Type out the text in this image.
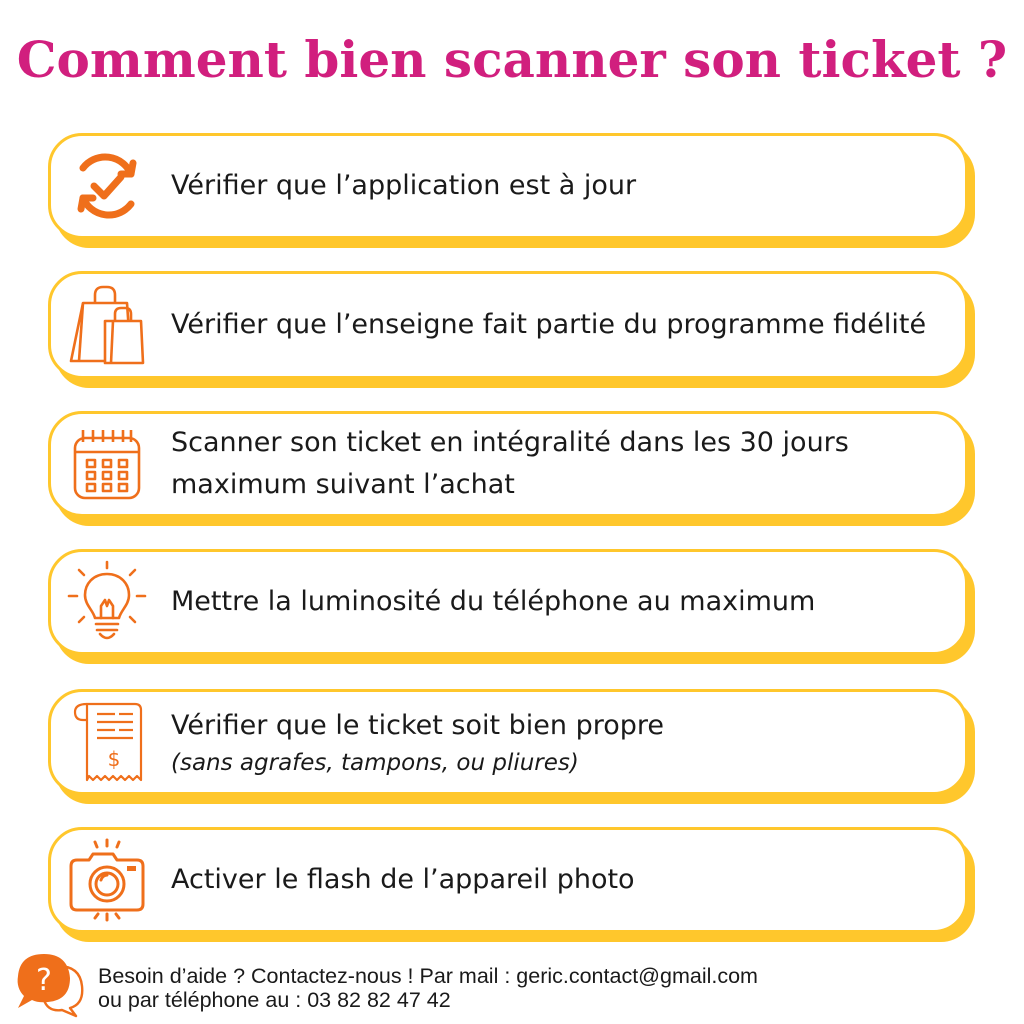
Comment bien scanner son ticket ?
Vérifier que l’application est à jour
Vérifier que l’enseigne fait partie du programme fidélité
Scanner son ticket en intégralité dans les 30 jours maximum suivant l’achat
Mettre la luminosité du téléphone au maximum
$
Vérifier que le ticket soit bien propre
(sans agrafes, tampons, ou pliures)
Activer le flash de l’appareil photo
? Besoin d’aide ? Contactez-nous ! Par mail : geric.contact@gmail.com
ou par téléphone au : 03 82 82 47 42
